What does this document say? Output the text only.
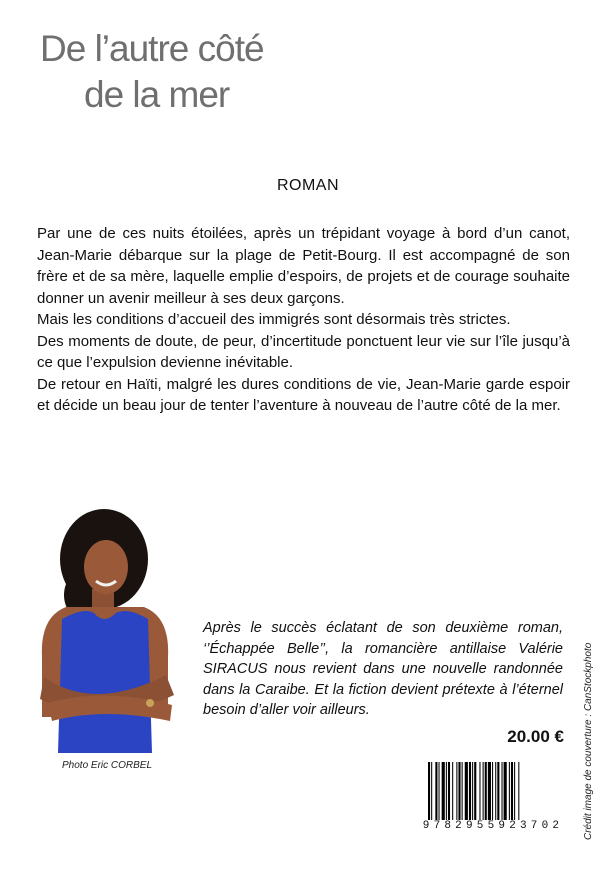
De l’autre côté
de la mer
ROMAN

Par une de ces nuits étoilées, après un trépidant voyage à bord d’un canot, Jean-Marie débarque sur la plage de Petit-Bourg. Il est accompagné de son frère et de sa mère, laquelle emplie d’espoirs, de projets et de courage souhaite donner un avenir meilleur à ses deux garçons.

Mais les conditions d’accueil des immigrés sont désormais très strictes.

Des moments de doute, de peur, d’incertitude ponctuent leur vie sur l’île jusqu’à ce que l’expulsion devienne inévitable.

De retour en Haïti, malgré les dures conditions de vie, Jean-Marie garde espoir et décide un beau jour de tenter l’aventure à nouveau de l’autre côté de la mer.

Photo Eric CORBEL

Après le succès éclatant de son deuxième roman, ‘’Échappée Belle’’, la romancière antillaise Valérie SIRACUS nous revient dans une nouvelle randonnée dans la Caraibe. Et la fiction devient prétexte à l’éternel besoin d’aller voir ailleurs.

20.00 €
9782955923702 Crédit image de couverture : CanStockphoto
